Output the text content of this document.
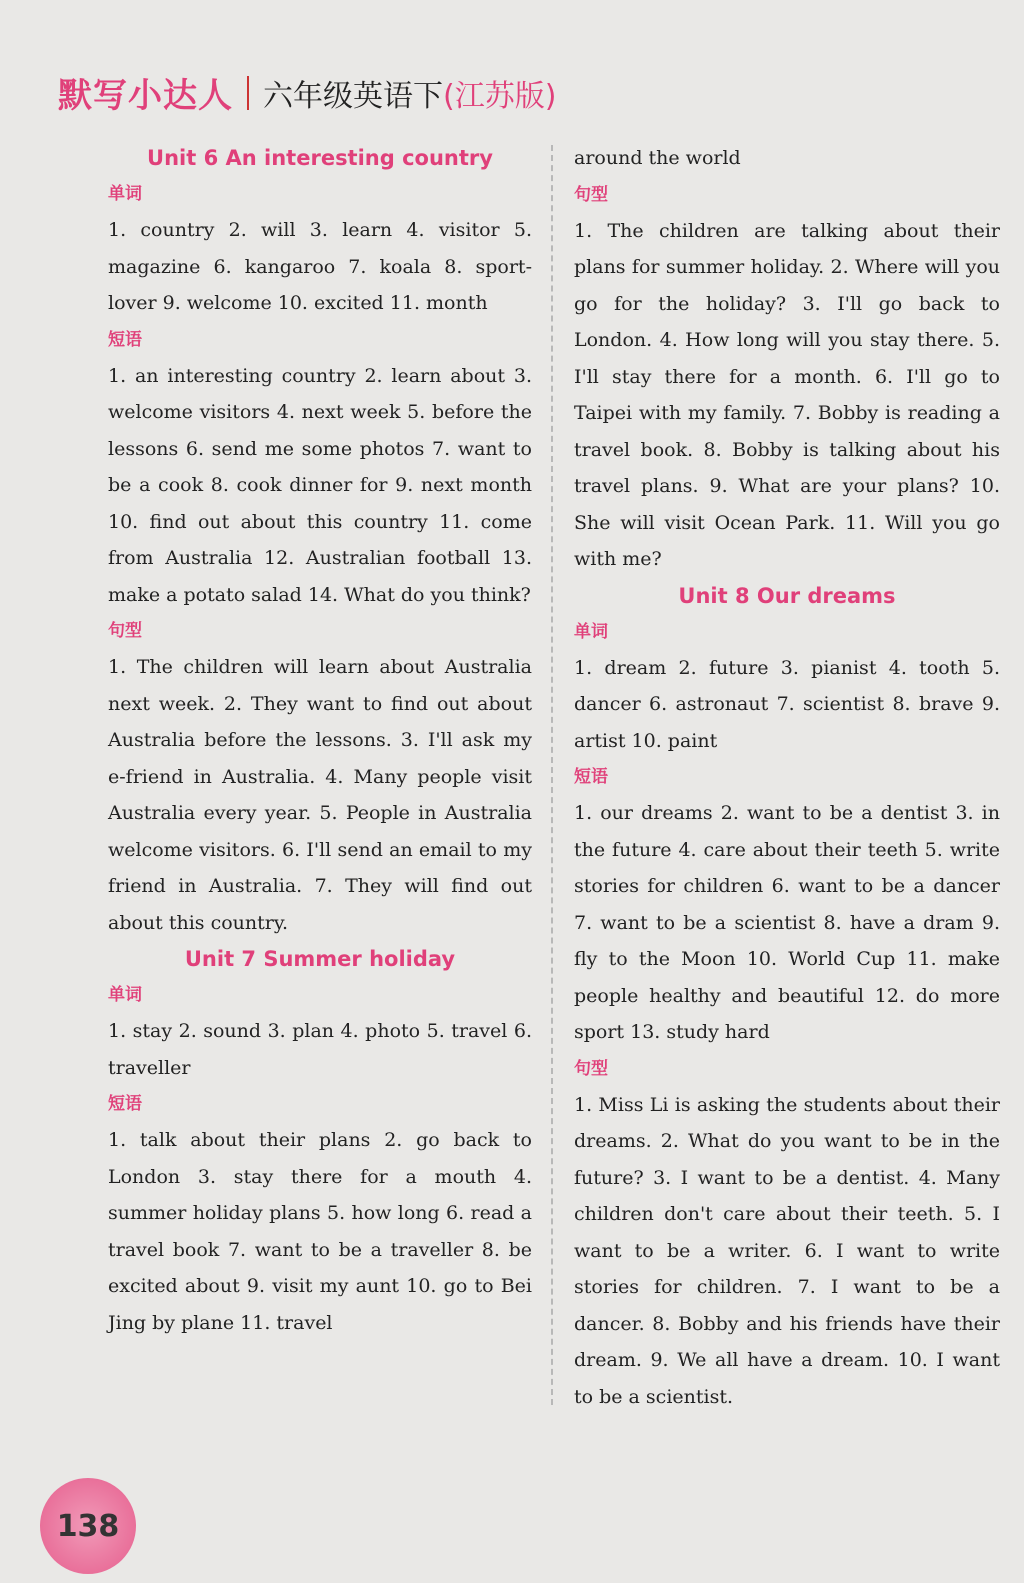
默写小达人 六年级英语下(江苏版)
Unit 6 An interesting country

单词

1. country 2. will 3. learn 4. visitor 5. magazine 6. kangaroo 7. koala 8. sport-lover 9. welcome 10. excited 11. month

短语

1. an interesting country 2. learn about 3. welcome visitors 4. next week 5. before the lessons 6. send me some photos 7. want to be a cook 8. cook dinner for 9. next month 10. find out about this country 11. come from Australia 12. Australian football 13. make a potato salad 14. What do you think?

句型

1. The children will learn about Australia next week. 2. They want to find out about Australia before the lessons. 3. I'll ask my e-friend in Australia. 4. Many people visit Australia every year. 5. People in Australia welcome visitors. 6. I'll send an email to my friend in Australia. 7. They will find out about this country.

Unit 7 Summer holiday

单词

1. stay 2. sound 3. plan 4. photo 5. travel 6. traveller

短语

1. talk about their plans 2. go back to London 3. stay there for a mouth 4. summer holiday plans 5. how long 6. read a travel book 7. want to be a traveller 8. be excited about 9. visit my aunt 10. go to Bei Jing by plane 11. travel

around the world

句型

1. The children are talking about their plans for summer holiday. 2. Where will you go for the holiday? 3. I'll go back to London. 4. How long will you stay there. 5. I'll stay there for a month. 6. I'll go to Taipei with my family. 7. Bobby is reading a travel book. 8. Bobby is talking about his travel plans. 9. What are your plans? 10. She will visit Ocean Park. 11. Will you go with me?

Unit 8 Our dreams

单词

1. dream 2. future 3. pianist 4. tooth 5. dancer 6. astronaut 7. scientist 8. brave 9. artist 10. paint

短语

1. our dreams 2. want to be a dentist 3. in the future 4. care about their teeth 5. write stories for children 6. want to be a dancer 7. want to be a scientist 8. have a dram 9. fly to the Moon 10. World Cup 11. make people healthy and beautiful 12. do more sport 13. study hard

句型

1. Miss Li is asking the students about their dreams. 2. What do you want to be in the future? 3. I want to be a dentist. 4. Many children don't care about their teeth. 5. I want to be a writer. 6. I want to write stories for children. 7. I want to be a dancer. 8. Bobby and his friends have their dream. 9. We all have a dream. 10. I want to be a scientist.

138
